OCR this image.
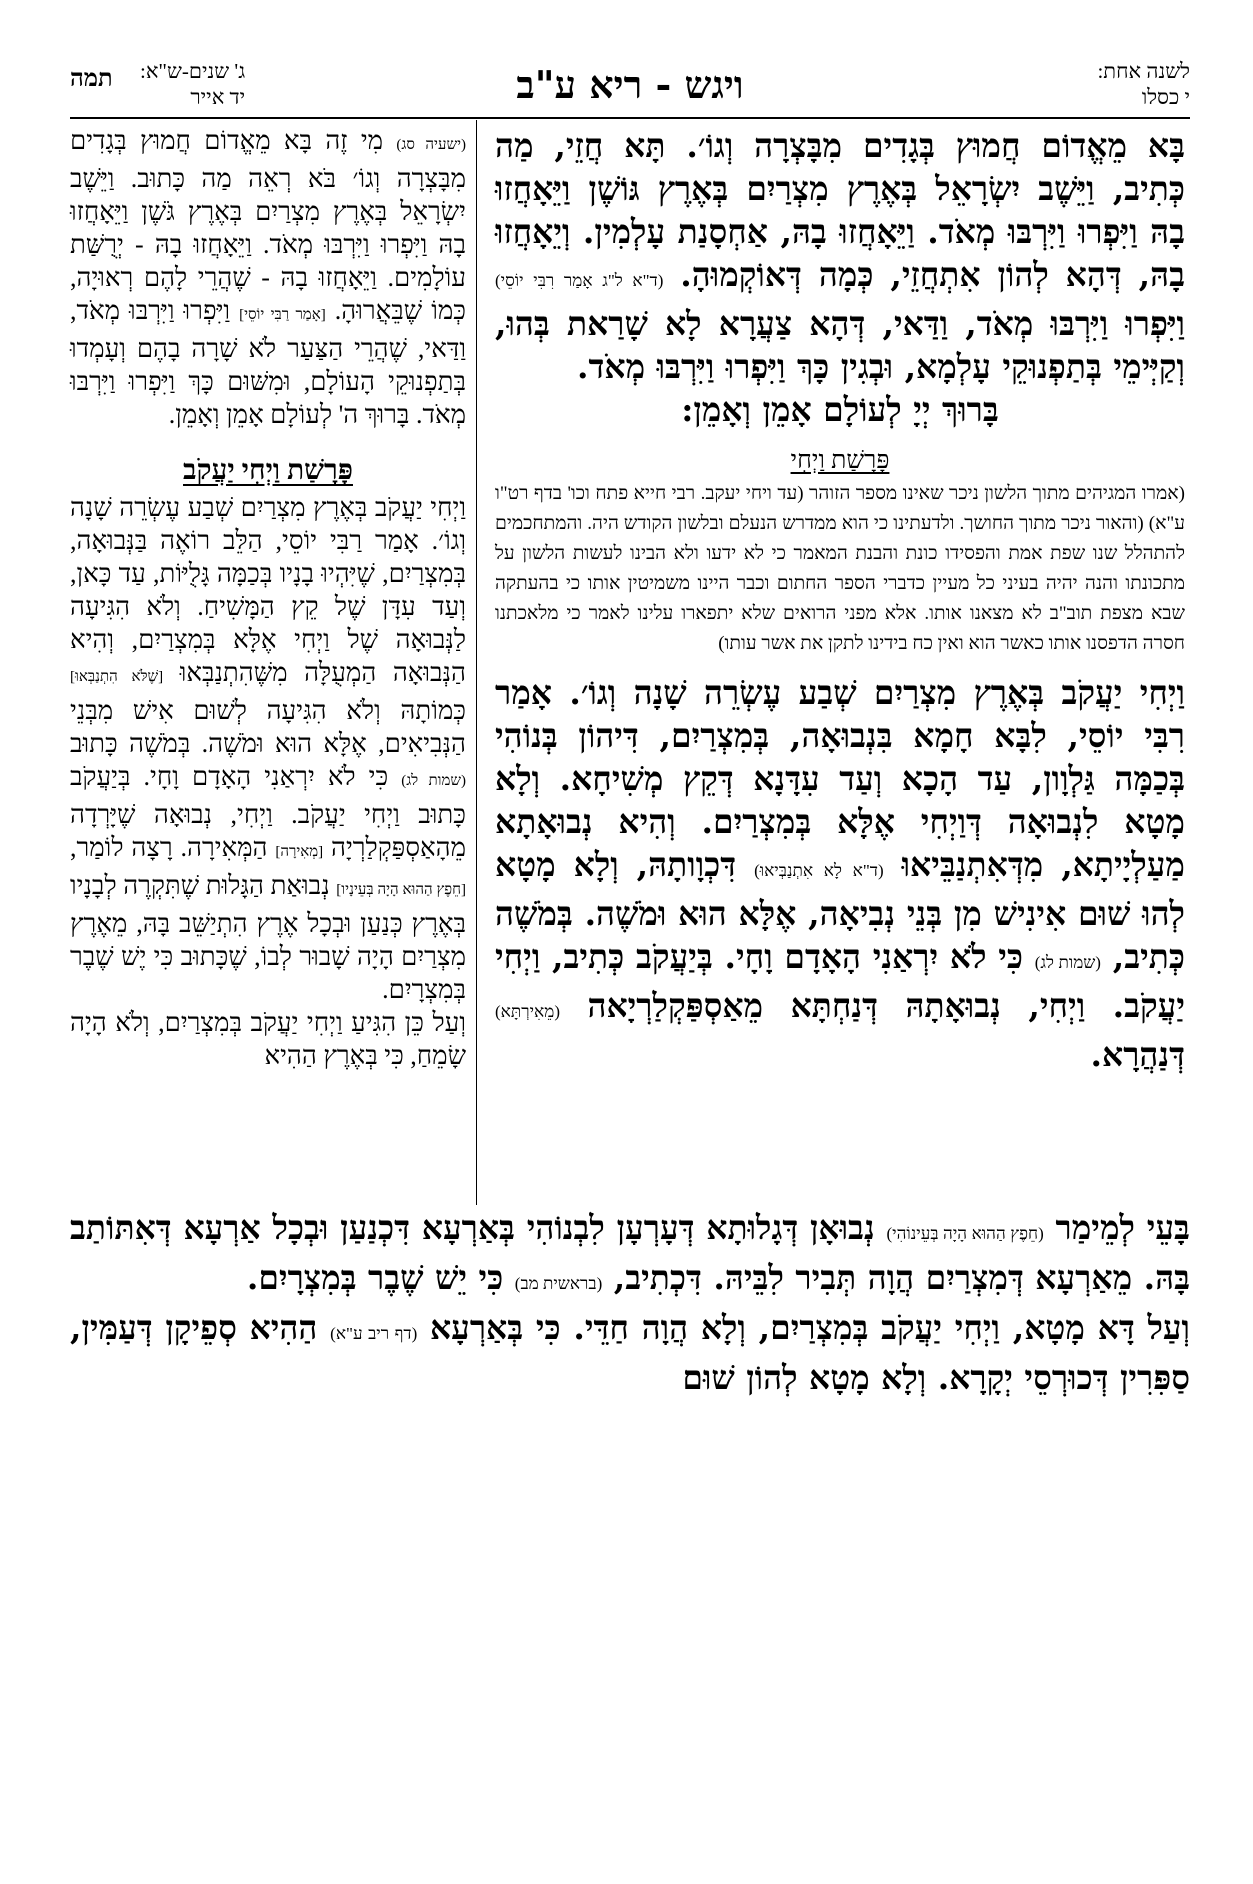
לשנה אחת:
י כסלו
ויגש - ריא ע"ב
ג' שנים-ש"א:
יד אייר
תמה

בָּא מֵאֱדוֹם חֲמוּץ בְּגָדִים מִבָּצְרָה וְגוֹ׳. תָּא חֲזֵי, מַה כְּתִיב, וַיֵּשֶׁב יִשְׂרָאֵל בְּאֶרֶץ מִצְרַיִם בְּאֶרֶץ גּוֹשֶׁן וַיֵּאָחֲזוּ בָהּ וַיִּפְרוּ וַיִּרְבּוּ מְאֹד. וַיֵּאָחֲזוּ בָהּ, אַחְסָנַת עָלְמִין. וְיֵאָחֲזוּ בָהּ, דְּהָא לְהוֹן אִתְחֲזֵי, כְּמָה דְּאוֹקְמוּהָ. (ד"א ל"ג אָמַר רִבִּי יוֹסֵי) וַיִּפְרוּ וַיִּרְבּוּ מְאֹד, וַדַּאי, דְּהָא צַעֲרָא לָא שָׁרַאת בְּהוּ, וְקַיְּימֵי בְּתַפְנוּקֵי עָלְמָא, וּבְגִין כָּךְ וַיִּפְרוּ וַיִּרְבּוּ מְאֹד.

בָּרוּךְ יְיָ לְעוֹלָם אָמֵן וְאָמֵן:

פָּרָשַׁת וַיְחִי

(אמרו המגיהים מתוך הלשון ניכר שאינו מספר הזוהר (עד ויחי יעקב. רבי חייא פתח וכו' בדף רט"ו ע"א) (והאור ניכר מתוך החושך. ולדעתינו כי הוא ממדרש הנעלם ובלשון הקודש היה. והמתחכמים להתהלל שנו שפת אמת והפסידו כונת והבנת המאמר כי לא ידעו ולא הבינו לעשות הלשון על מתכונתו והנה יהיה בעיני כל מעיין כדברי הספר החתום וכבר היינו משמיטין אותו כי בהעתקה שבא מצפת תוב"ב לא מצאנו אותו. אלא מפני הרואים שלא יתפארו עלינו לאמר כי מלאכתנו חסרה הדפסנו אותו כאשר הוא ואין כח בידינו לתקן את אשר עותו)

וַיְחִי יַעֲקֹב בְּאֶרֶץ מִצְרַיִם שְׁבַע עֶשְׂרֵה שָׁנָה וְגוֹ׳. אָמַר רִבִּי יוֹסֵי, לִבָּא חָמָא בִּנְבוּאָה, בְּמִצְרַיִם, דִּיהוֹן בְּנוֹהִי בְּכַמָּה גַּלְוָון, עַד הָכָא וְעַד עִדָּנָא דְּקֵץ מְשִׁיחָא. וְלָא מָטָא לִנְבוּאָה דְּוַיְחִי אֶלָּא בְּמִצְרַיִם. וְהִיא נְבוּאָתָא מַעַלְיָיתָא, מִדְּאִתְנַבֵּיאוּ (ד"א לָא אִתְנַבְּיאוּ) דִּכְוָותָהּ, וְלָא מָטָא לְהוּ שׁוּם אִינִישׁ מִן בְּנֵי נְבִיאָה, אֶלָּא הוּא וּמֹשֶׁה. בְּמֹשֶׁה כְּתִיב, (שמות לג) כִּי לֹא יִרְאַנִי הָאָדָם וָחָי. בְּיַעֲקֹב כְּתִיב, וַיְחִי יַעֲקֹב. וַיְחִי, נְבוּאָתָהּ דְּנַחְתָּא מֵאַסְפַּקְלַרְיָאה (מֵאִירְתָּא) דְּנַהֲרָא.

(ישעיה סג) מִי זֶה בָּא מֵאֱדוֹם חֲמוּץ בְּגָדִים מִבָּצְרָה וְגוֹ׳ בֹּא רְאֵה מַה כָּתוּב. וַיֵּשֶׁב יִשְׂרָאֵל בְּאֶרֶץ מִצְרַיִם בְּאֶרֶץ גֹּשֶׁן וַיֵּאָחֲזוּ בָהּ וַיִּפְרוּ וַיִּרְבּוּ מְאֹד. וַיֵּאָחֲזוּ בָהּ - יְרֻשַּׁת עוֹלָמִים. וַיֵּאָחֲזוּ בָהּ - שֶׁהֲרֵי לָהֶם רְאוּיָה, כְּמוֹ שֶׁבֵּאֲרוּהָ. [אָמַר רַבִּי יוֹסֵי] וַיִּפְרוּ וַיִּרְבּוּ מְאֹד, וַדַּאי, שֶׁהֲרֵי הַצַּעַר לֹא שָׁרָה בָהֶם וְעָמְדוּ בְּתַפְנוּקֵי הָעוֹלָם, וּמִשּׁוּם כָּךְ וַיִּפְרוּ וַיִּרְבּוּ מְאֹד. בָּרוּךְ ה' לְעוֹלָם אָמֵן וְאָמֵן.

פָּרָשַׁת וַיְחִי יַעֲקֹב

וַיְחִי יַעֲקֹב בְּאֶרֶץ מִצְרַיִם שְׁבַע עֶשְׂרֵה שָׁנָה וְגוֹ׳. אָמַר רַבִּי יוֹסֵי, הַלֵּב רוֹאֶה בַּנְּבוּאָה, בְּמִצְרַיִם, שֶׁיִּהְיוּ בָנָיו בְּכַמָּה גָּלֻיּוֹת, עַד כָּאן, וְעַד עִדָּן שֶׁל קֵץ הַמָּשִׁיחַ. וְלֹא הִגִּיעָה לַנְּבוּאָה שֶׁל וַיְחִי אֶלָּא בְּמִצְרַיִם, וְהִיא הַנְּבוּאָה הַמְעֻלָּה מִשֶּׁהִתְנַבְּאוּ [שֶׁלֹּא הִתְנַבְּאוּ] כְּמוֹתָהּ וְלֹא הִגִּיעָה לְשׁוּם אִישׁ מִבְּנֵי הַנְּבִיאִים, אֶלָּא הוּא וּמֹשֶׁה. בְּמֹשֶׁה כָּתוּב (שמות לג) כִּי לֹא יִרְאַנִי הָאָדָם וָחָי. בְּיַעֲקֹב כָּתוּב וַיְחִי יַעֲקֹב. וַיְחִי, נְבוּאָה שֶׁיָּרְדָה מֵהָאַסְפַּקְלַרְיָה [מְאִירָה] הַמְּאִירָה. רָצָה לוֹמַר, [חֵפֶץ הַהוּא הָיָה בְּעֵינָיו] נְבוּאַת הַגָּלוּת שֶׁתִּקְרֶה לְבָנָיו בְּאֶרֶץ כְּנַעַן וּבְכָל אֶרֶץ הִתְיַשֵּׁב בָּהּ, מֵאֶרֶץ מִצְרַיִם הָיָה שָׁבוּר לְבוֹ, שֶׁכָּתוּב כִּי יֶשׁ שֶׁבֶר בְּמִצְרָיִם.

וְעַל כֵּן הִגִּיעַ וַיְחִי יַעֲקֹב בְּמִצְרַיִם, וְלֹא הָיָה שָׂמֵחַ, כִּי בְּאֶרֶץ הַהִיא

בָּעֵי לְמֵימַר (חֵפֶץ הַהוּא הָיָה בְּעֵינוֹהִי) נְבוּאָן דְּגָלוּתָא דְּעָרְעָן לִבְנוֹהִי בְּאַרְעָא דִּכְנַעַן וּבְכָל אַרְעָא דְּאִתּוֹתַב בָּהּ. מֵאַרְעָא דְּמִצְרַיִם הֲוָה תְּבִיר לִבֵּיהּ. דִּכְתִיב, (בראשית מב) כִּי יֵשׁ שֶׁבֶר בְּמִצְרָיִם.

וְעַל דָּא מָטָא, וַיְחִי יַעֲקֹב בְּמִצְרַיִם, וְלָא הֲוָה חַדֵּי. כִּי בְּאַרְעָא (דף ריב ע"א) הַהִיא סְפֵיקָן דְּעַמִּין, סַפִּרִין דְּכוּרְסֵי יְקָרָא. וְלָא מָטָא לְהוֹן שׁוּם
